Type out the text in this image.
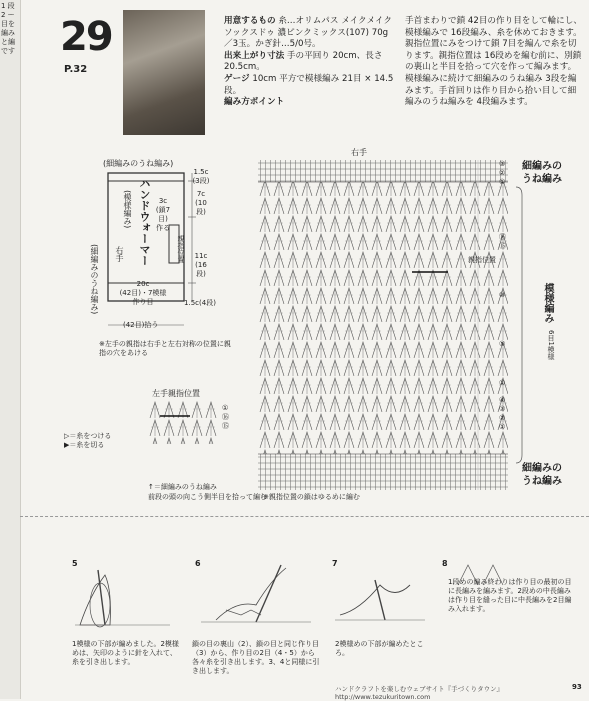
1 段
2 ー
目を
編み
と編
です 29
P.32
用意するもの 糸…オリムパス メイクメイクソックスドゥ 濃ピンクミックス(107) 70g／3玉。かぎ針…5/0号。
出来上がり寸法 手の平回り 20cm、長さ 20.5cm。
ゲージ 10cm 平方で模様編み 21目 × 14.5段。
編み方ポイント
手首まわりで鎖 42目の作り目をして輪にし、模様編みで 16段編み、糸を休めておきます。親指位置にみをつけて鎖 7目を編んで糸を切ります。親指位置は 16段めを編む前に、別鎖の裏山と半目を拾って穴を作って編みます。模様編みに続けて細編みのうね編み 3段を編みます。手首回りは作り目から拾い目して細編みのうね編みを 4段編みます。
(細編みのうね編み)
ハンドウォーマー
(模様編み)
右手
(細編みのうね編み)
3c
(鎖7目)
作る
親指位置
20c
(42目)・7模様
作り目
(42目)拾う
1.5c
(3段)
7c
(10段)
11c
(16段)
1.5c(4段)
※左手の親指は右手と左右対称の位置に親指の穴をあける
右手
③
②
①
⑯
⑮
⑩
⑤
①
④
③
②
①
親指位置
細編みの
うね編み
模様編み
6目1模様
細編みの
うね編み
左手親指位置
①
⑯
⑮
▷＝糸をつける
▶＝糸を切る
↑＝細編みのうね編み
前段の頭の向こう側半目を拾って編む
※親指位置の鎖はゆるめに編む
5	6	7	8
1模様の下部が編めました。2模様めは、矢印のように針を入れて、糸を引き出します。
鎖の目の裏山（2）、鎖の目と同じ作り目（3）から、作り目の2目（4・5）から各々糸を引き出します。3、4と同様に引き出します。
2模様めの下部が編めたところ。
1段めの編み終わりは作り目の最初の目に長編みを編みます。2段めの中長編みは作り目を縫った目に中長編みを2目編み入れます。
ハンドクラフトを楽しむウェブサイト『手づくりタウン』 http://www.tezukuritown.com
93
